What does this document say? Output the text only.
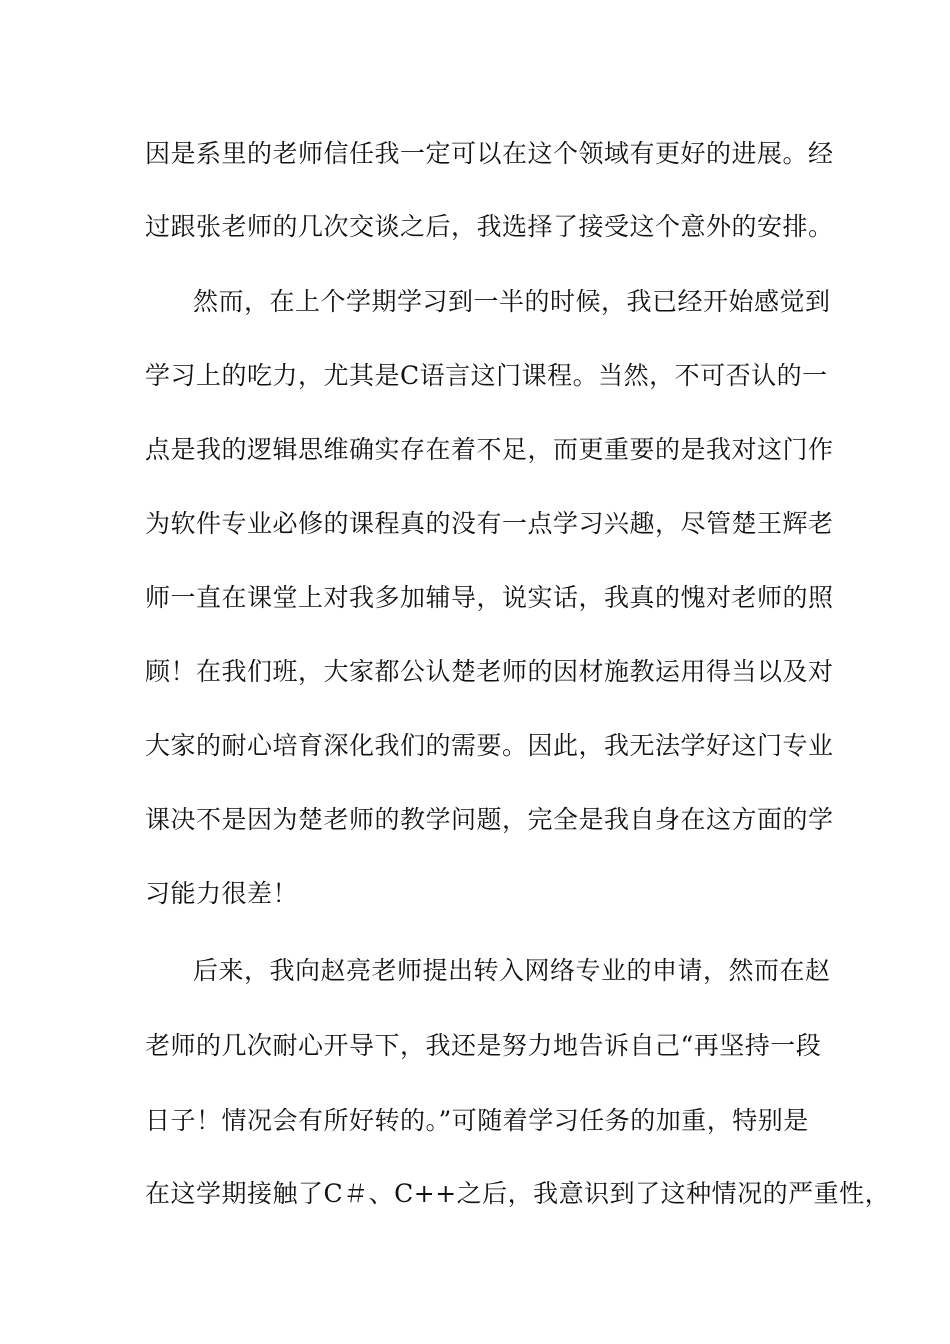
因是系里的老师信任我一定可以在这个领域有更好的进展。经
过跟张老师的几次交谈之后，我选择了接受这个意外的安排。
然而，在上个学期学习到一半的时候，我已经开始感觉到
学习上的吃力，尤其是C语言这门课程。当然，不可否认的一
点是我的逻辑思维确实存在着不足，而更重要的是我对这门作
为软件专业必修的课程真的没有一点学习兴趣，尽管楚王辉老
师一直在课堂上对我多加辅导，说实话，我真的愧对老师的照
顾！在我们班，大家都公认楚老师的因材施教运用得当以及对
大家的耐心培育深化我们的需要。因此，我无法学好这门专业
课决不是因为楚老师的教学问题，完全是我自身在这方面的学
习能力很差！
后来，我向赵亮老师提出转入网络专业的申请，然而在赵
老师的几次耐心开导下，我还是努力地告诉自己“再坚持一段
日子！情况会有所好转的。”可随着学习任务的加重，特别是
在这学期接触了C＃、C++之后，我意识到了这种情况的严重性，
